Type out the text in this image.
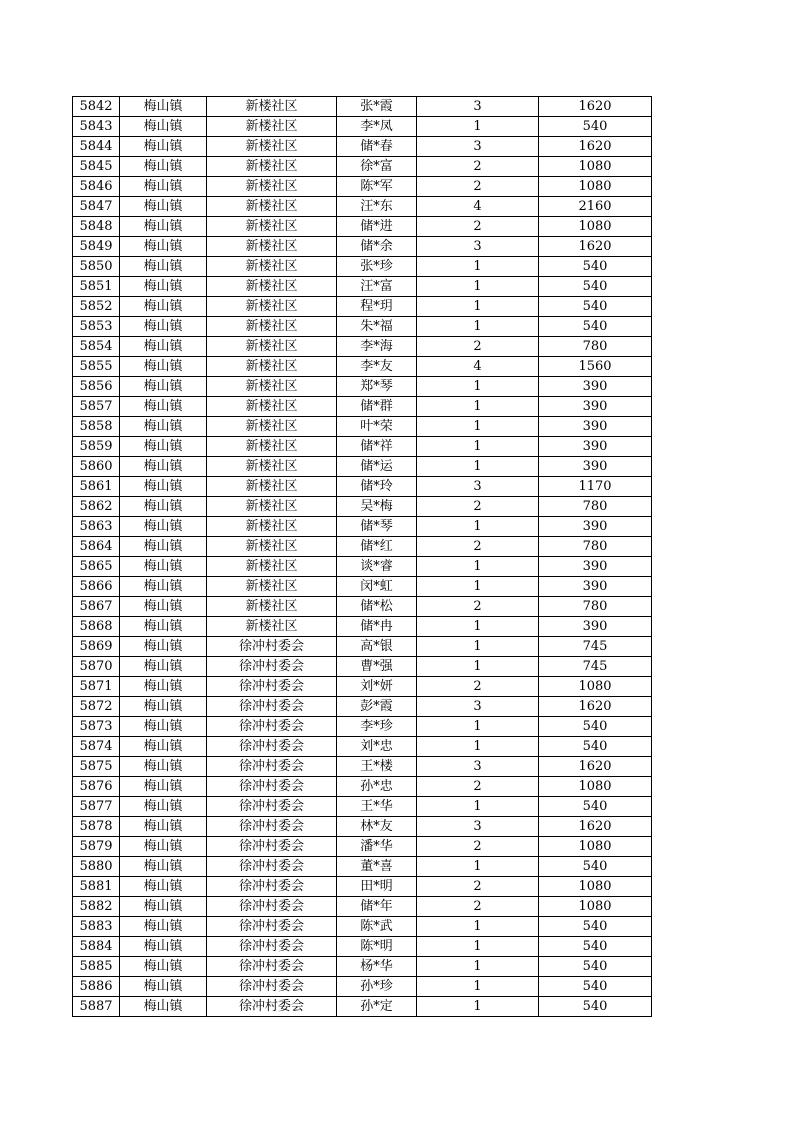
5842	梅山镇	新楼社区	张*霞	3	1620
5843	梅山镇	新楼社区	李*凤	1	540
5844	梅山镇	新楼社区	储*春	3	1620
5845	梅山镇	新楼社区	徐*富	2	1080
5846	梅山镇	新楼社区	陈*军	2	1080
5847	梅山镇	新楼社区	汪*东	4	2160
5848	梅山镇	新楼社区	储*进	2	1080
5849	梅山镇	新楼社区	储*余	3	1620
5850	梅山镇	新楼社区	张*珍	1	540
5851	梅山镇	新楼社区	汪*富	1	540
5852	梅山镇	新楼社区	程*玥	1	540
5853	梅山镇	新楼社区	朱*福	1	540
5854	梅山镇	新楼社区	李*海	2	780
5855	梅山镇	新楼社区	李*友	4	1560
5856	梅山镇	新楼社区	郑*琴	1	390
5857	梅山镇	新楼社区	储*群	1	390
5858	梅山镇	新楼社区	叶*荣	1	390
5859	梅山镇	新楼社区	储*祥	1	390
5860	梅山镇	新楼社区	储*运	1	390
5861	梅山镇	新楼社区	储*玲	3	1170
5862	梅山镇	新楼社区	吴*梅	2	780
5863	梅山镇	新楼社区	储*琴	1	390
5864	梅山镇	新楼社区	储*红	2	780
5865	梅山镇	新楼社区	谈*睿	1	390
5866	梅山镇	新楼社区	闵*虹	1	390
5867	梅山镇	新楼社区	储*松	2	780
5868	梅山镇	新楼社区	储*冉	1	390
5869	梅山镇	徐冲村委会	高*银	1	745
5870	梅山镇	徐冲村委会	曹*强	1	745
5871	梅山镇	徐冲村委会	刘*妍	2	1080
5872	梅山镇	徐冲村委会	彭*霞	3	1620
5873	梅山镇	徐冲村委会	李*珍	1	540
5874	梅山镇	徐冲村委会	刘*忠	1	540
5875	梅山镇	徐冲村委会	王*楼	3	1620
5876	梅山镇	徐冲村委会	孙*忠	2	1080
5877	梅山镇	徐冲村委会	王*华	1	540
5878	梅山镇	徐冲村委会	林*友	3	1620
5879	梅山镇	徐冲村委会	潘*华	2	1080
5880	梅山镇	徐冲村委会	董*喜	1	540
5881	梅山镇	徐冲村委会	田*明	2	1080
5882	梅山镇	徐冲村委会	储*年	2	1080
5883	梅山镇	徐冲村委会	陈*武	1	540
5884	梅山镇	徐冲村委会	陈*明	1	540
5885	梅山镇	徐冲村委会	杨*华	1	540
5886	梅山镇	徐冲村委会	孙*珍	1	540
5887	梅山镇	徐冲村委会	孙*定	1	540
